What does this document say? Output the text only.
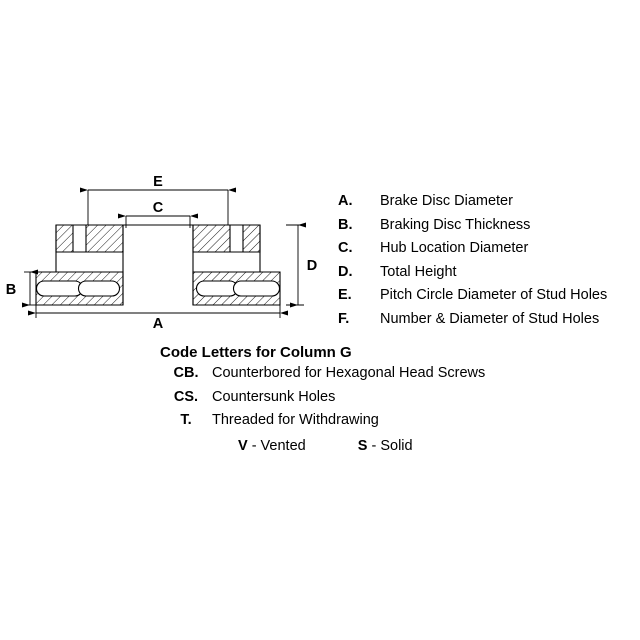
E
C
A
B
D
A.	Brake Disc Diameter
B.	Braking Disc Thickness
C.	Hub Location Diameter
D.	Total Height
E.	Pitch Circle Diameter of Stud Holes
F.	Number & Diameter of Stud Holes
Code Letters for Column G
CB. Counterbored for Hexagonal Head Screws
CS. Countersunk Holes
T.	Threaded for Withdrawing
V - Vented	S - Solid
